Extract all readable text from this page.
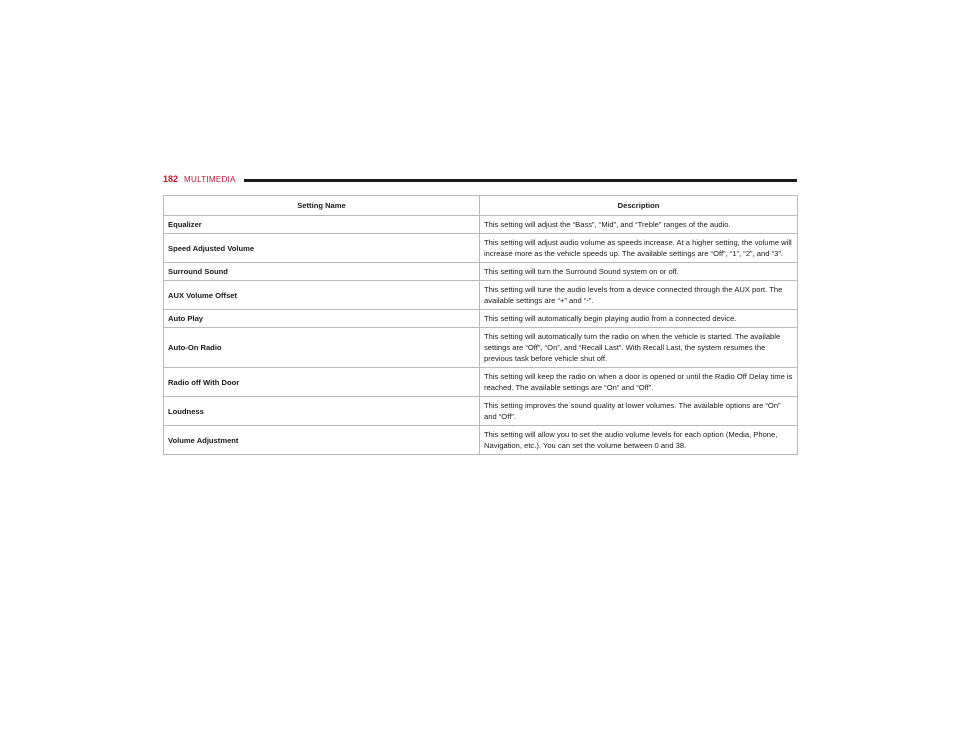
182 MULTIMEDIA
Setting Name	Description
Equalizer	This setting will adjust the “Bass”, “Mid”, and “Treble” ranges of the audio.
Speed Adjusted Volume	This setting will adjust audio volume as speeds increase. At a higher setting, the volume will increase more as the vehicle speeds up. The available settings are “Off”, “1”, “2”, and “3”.
Surround Sound	This setting will turn the Surround Sound system on or off.
AUX Volume Offset	This setting will tune the audio levels from a device connected through the AUX port. The available settings are “+” and “-”.
Auto Play	This setting will automatically begin playing audio from a connected device.
Auto-On Radio	This setting will automatically turn the radio on when the vehicle is started. The available settings are “Off”, “On”, and “Recall Last”. With Recall Last, the system resumes the previous task before vehicle shut off.
Radio off With Door	This setting will keep the radio on when a door is opened or until the Radio Off Delay time is reached. The available settings are “On” and “Off”.
Loudness	This setting improves the sound quality at lower volumes. The available options are “On” and “Off”.
Volume Adjustment	This setting will allow you to set the audio volume levels for each option (Media, Phone, Navigation, etc.). You can set the volume between 0 and 38.
